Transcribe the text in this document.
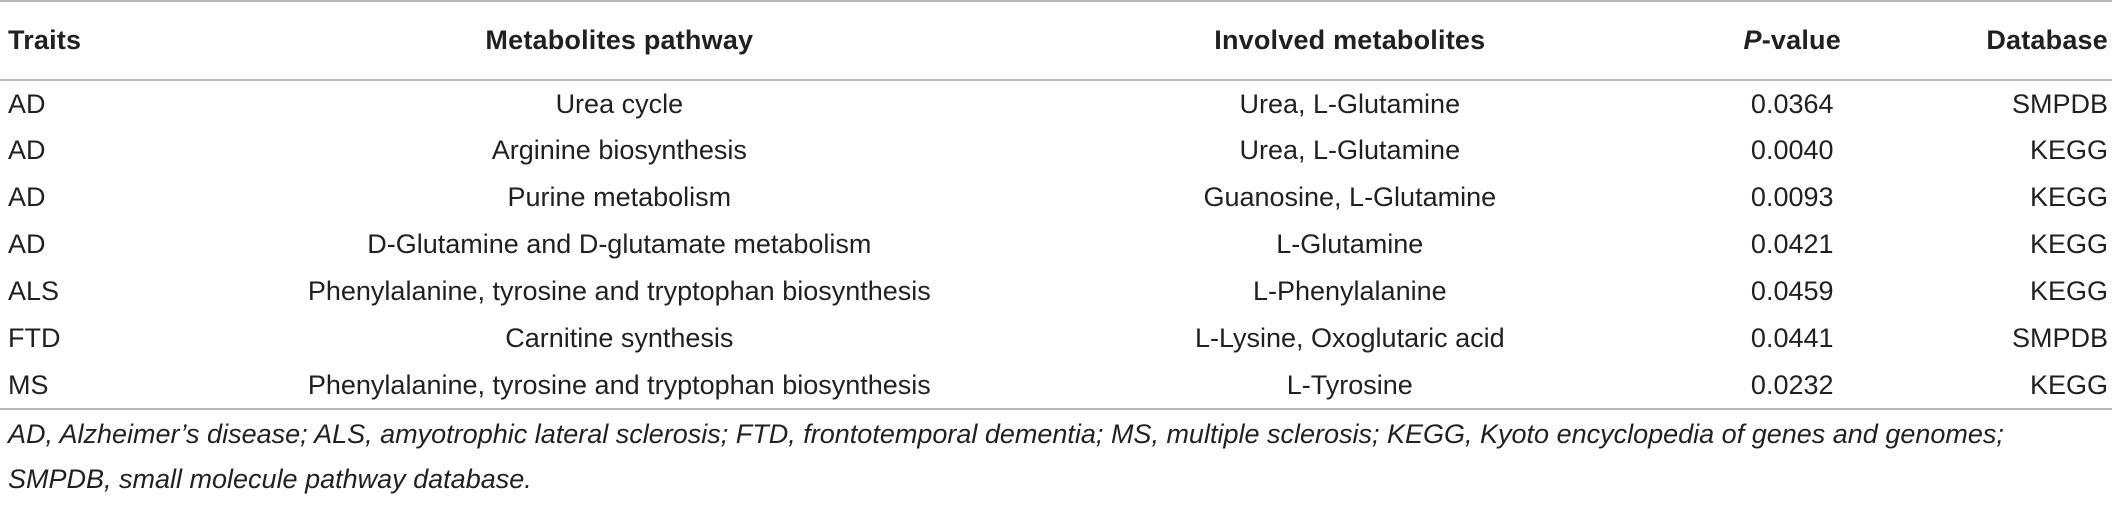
Traits	Metabolites pathway	Involved metabolites	P-value	Database
AD	Urea cycle	Urea, L-Glutamine	0.0364	SMPDB
AD	Arginine biosynthesis	Urea, L-Glutamine	0.0040	KEGG
AD	Purine metabolism	Guanosine, L-Glutamine	0.0093	KEGG
AD	D-Glutamine and D-glutamate metabolism	L-Glutamine	0.0421	KEGG
ALS	Phenylalanine, tyrosine and tryptophan biosynthesis	L-Phenylalanine	0.0459	KEGG
FTD	Carnitine synthesis	L-Lysine, Oxoglutaric acid	0.0441	SMPDB
MS	Phenylalanine, tyrosine and tryptophan biosynthesis	L-Tyrosine	0.0232	KEGG
AD, Alzheimer’s disease; ALS, amyotrophic lateral sclerosis; FTD, frontotemporal dementia; MS, multiple sclerosis; KEGG, Kyoto encyclopedia of genes and genomes;
SMPDB, small molecule pathway database.
